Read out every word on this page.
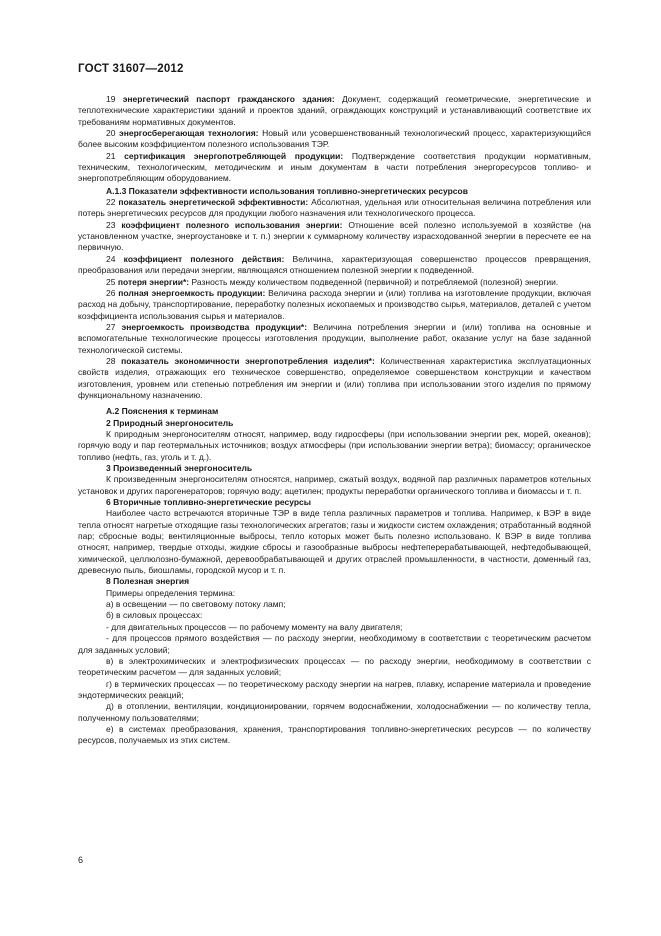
ГОСТ 31607—2012

19 энергетический паспорт гражданского здания: Документ, содержащий геометрические, энергетические и теплотехнические характеристики зданий и проектов зданий, ограждающих конструкций и устанавливающий соответствие их требованиям нормативных документов.

20 энергосберегающая технология: Новый или усовершенствованный технологический процесс, характеризующийся более высоким коэффициентом полезного использования ТЭР.

21 сертификация энергопотребляющей продукции: Подтверждение соответствия продукции нормативным, техническим, технологическим, методическим и иным документам в части потребления энергоресурсов топливо- и энергопотребляющим оборудованием.

А.1.3 Показатели эффективности использования топливно-энергетических ресурсов

22 показатель энергетической эффективности: Абсолютная, удельная или относительная величина потребления или потерь энергетических ресурсов для продукции любого назначения или технологического процесса.

23 коэффициент полезного использования энергии: Отношение всей полезно используемой в хозяйстве (на установленном участке, энергоустановке и т. п.) энергии к суммарному количеству израсходованной энергии в пересчете ее на первичную.

24 коэффициент полезного действия: Величина, характеризующая совершенство процессов превращения, преобразования или передачи энергии, являющаяся отношением полезной энергии к подведенной.

25 потеря энергии*: Разность между количеством подведенной (первичной) и потребляемой (полезной) энергии.

26 полная энергоемкость продукции: Величина расхода энергии и (или) топлива на изготовление продукции, включая расход на добычу, транспортирование, переработку полезных ископаемых и производство сырья, материалов, деталей с учетом коэффициента использования сырья и материалов.

27 энергоемкость производства продукции*: Величина потребления энергии и (или) топлива на основные и вспомогательные технологические процессы изготовления продукции, выполнение работ, оказание услуг на базе заданной технологической системы.

28 показатель экономичности энергопотребления изделия*: Количественная характеристика эксплуатационных свойств изделия, отражающих его техническое совершенство, определяемое совершенством конструкции и качеством изготовления, уровнем или степенью потребления им энергии и (или) топлива при использовании этого изделия по прямому функциональному назначению.

А.2 Пояснения к терминам

2 Природный энергоноситель

К природным энергоносителям относят, например, воду гидросферы (при использовании энергии рек, морей, океанов); горячую воду и пар геотермальных источников; воздух атмосферы (при использовании энергии ветра); биомассу; органическое топливо (нефть, газ, уголь и т. д.).

3 Произведенный энергоноситель

К произведенным энергоносителям относятся, например, сжатый воздух, водяной пар различных параметров котельных установок и других парогенераторов; горячую воду; ацетилен; продукты переработки органического топлива и биомассы и т. п.

6 Вторичные топливно-энергетические ресурсы

Наиболее часто встречаются вторичные ТЭР в виде тепла различных параметров и топлива. Например, к ВЭР в виде тепла относят нагретые отходящие газы технологических агрегатов; газы и жидкости систем охлаждения; отработанный водяной пар; сбросные воды; вентиляционные выбросы, тепло которых может быть полезно использовано. К ВЭР в виде топлива относят, например, твердые отходы, жидкие сбросы и газообразные выбросы нефтеперерабатывающей, нефтедобывающей, химической, целлюлозно-бумажной, деревообрабатывающей и других отраслей промышленности, в частности, доменный газ, древесную пыль, биошламы, городской мусор и т. п.

8 Полезная энергия

Примеры определения термина:

а) в освещении — по световому потоку ламп;

б) в силовых процессах:

- для двигательных процессов — по рабочему моменту на валу двигателя;

- для процессов прямого воздействия — по расходу энергии, необходимому в соответствии с теоретическим расчетом для заданных условий;

в) в электрохимических и электрофизических процессах — по расходу энергии, необходимому в соответствии с теоретическим расчетом — для заданных условий;

г) в термических процессах — по теоретическому расходу энергии на нагрев, плавку, испарение материала и проведение эндотермических реакций;

д) в отоплении, вентиляции, кондиционировании, горячем водоснабжении, холодоснабжении — по количеству тепла, полученному пользователями;

е) в системах преобразования, хранения, транспортирования топливно-энергетических ресурсов — по количеству ресурсов, получаемых из этих систем.

6
